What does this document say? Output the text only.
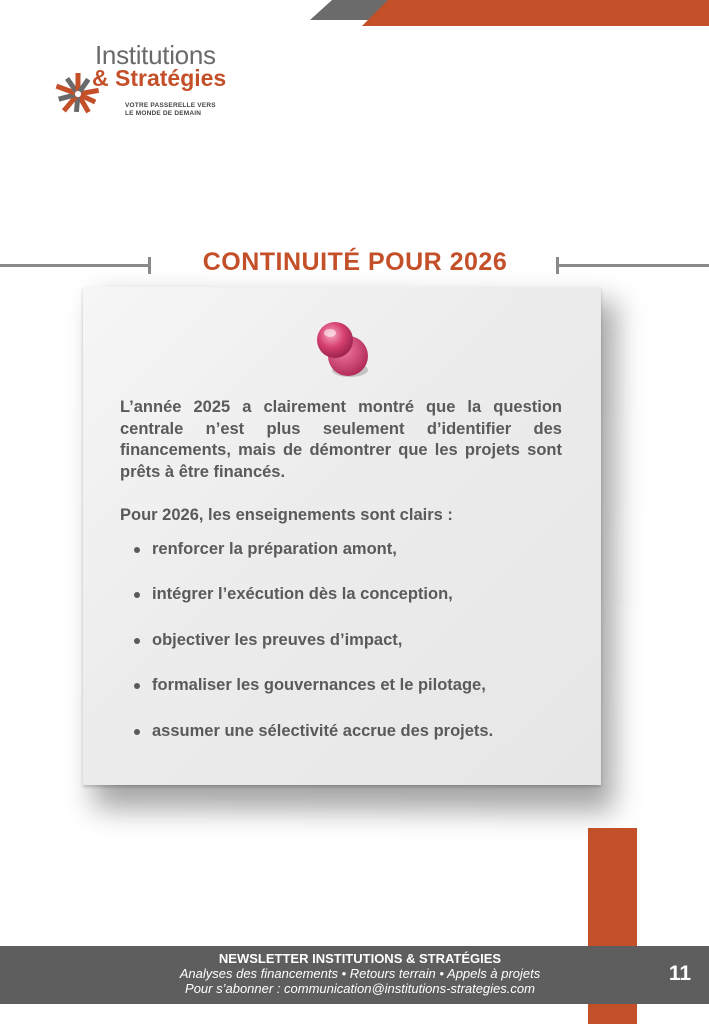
Institutions
& Stratégies
VOTRE PASSERELLE VERS
LE MONDE DE DEMAIN
CONTINUITÉ POUR 2026

L’année 2025 a clairement montré que la question centrale n’est plus seulement d’identifier des financements, mais de démontrer que les projets sont prêts à être financés.

Pour 2026, les enseignements sont clairs :

renforcer la préparation amont,
intégrer l’exécution dès la conception,
objectiver les preuves d’impact,
formaliser les gouvernances et le pilotage,
assumer une sélectivité accrue des projets.
NEWSLETTER INSTITUTIONS & STRATÉGIES
Analyses des financements • Retours terrain • Appels à projets
Pour s’abonner : communication@institutions-strategies.com
11
